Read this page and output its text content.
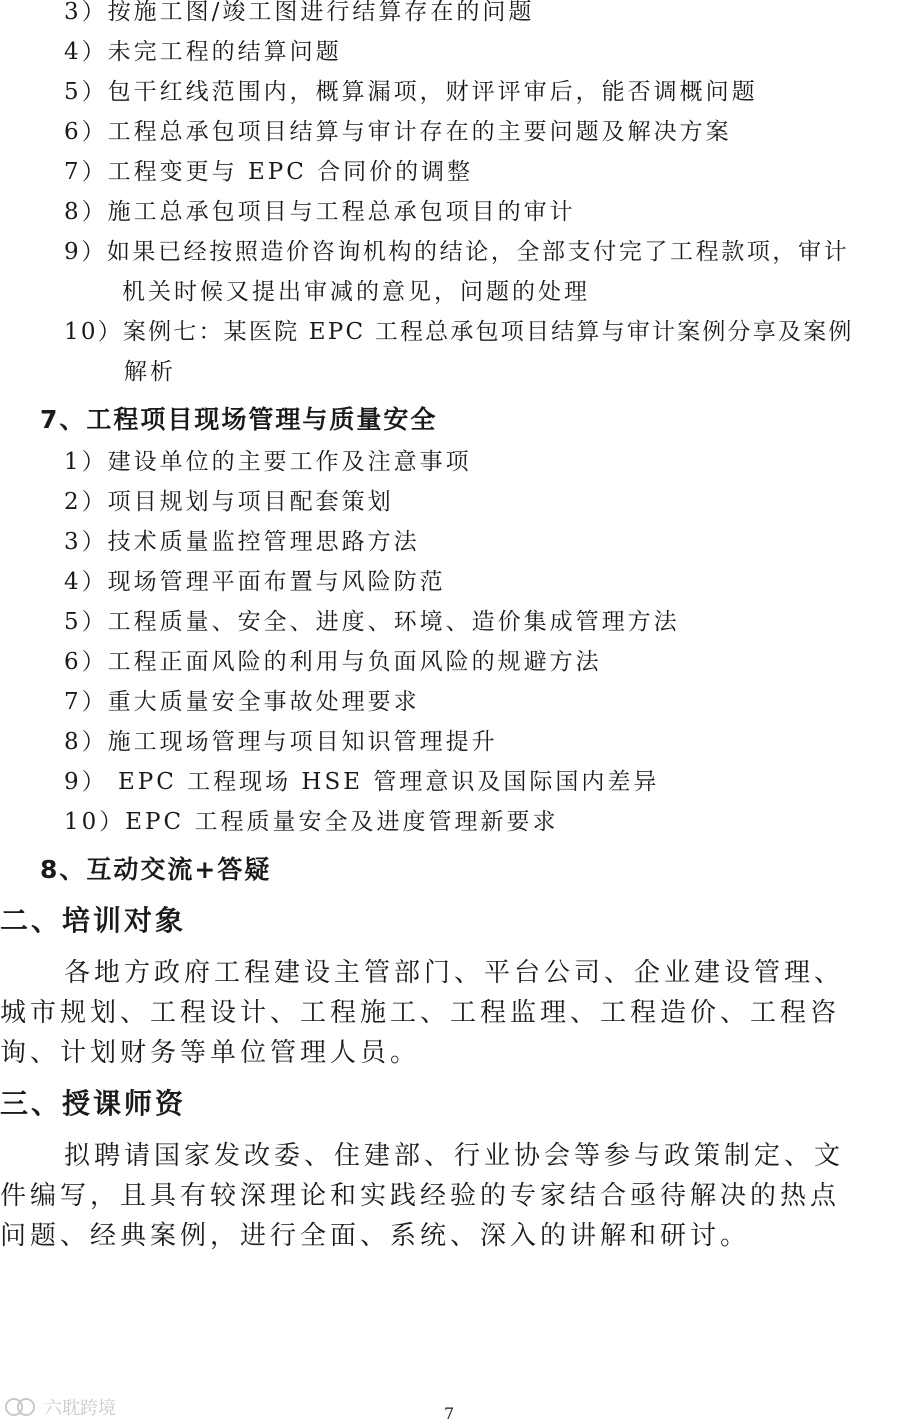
3）按施工图/竣工图进行结算存在的问题
4）未完工程的结算问题
5）包干红线范围内，概算漏项，财评评审后，能否调概问题
6）工程总承包项目结算与审计存在的主要问题及解决方案
7）工程变更与 EPC 合同价的调整
8）施工总承包项目与工程总承包项目的审计
9）如果已经按照造价咨询机构的结论，全部支付完了工程款项，审计
机关时候又提出审减的意见，问题的处理
10）案例七：某医院 EPC 工程总承包项目结算与审计案例分享及案例
解析
7、工程项目现场管理与质量安全
1）建设单位的主要工作及注意事项
2）项目规划与项目配套策划
3）技术质量监控管理思路方法
4）现场管理平面布置与风险防范
5）工程质量、安全、进度、环境、造价集成管理方法
6）工程正面风险的利用与负面风险的规避方法
7）重大质量安全事故处理要求
8）施工现场管理与项目知识管理提升
9） EPC 工程现场 HSE 管理意识及国际国内差异
10）EPC 工程质量安全及进度管理新要求
8、互动交流+答疑
二、培训对象
各地方政府工程建设主管部门、平台公司、企业建设管理、
城市规划、工程设计、工程施工、工程监理、工程造价、工程咨
询、计划财务等单位管理人员。
三、授课师资
拟聘请国家发改委、住建部、行业协会等参与政策制定、文
件编写，且具有较深理论和实践经验的专家结合亟待解决的热点
问题、经典案例，进行全面、系统、深入的讲解和研讨。
六耽跨境	7
